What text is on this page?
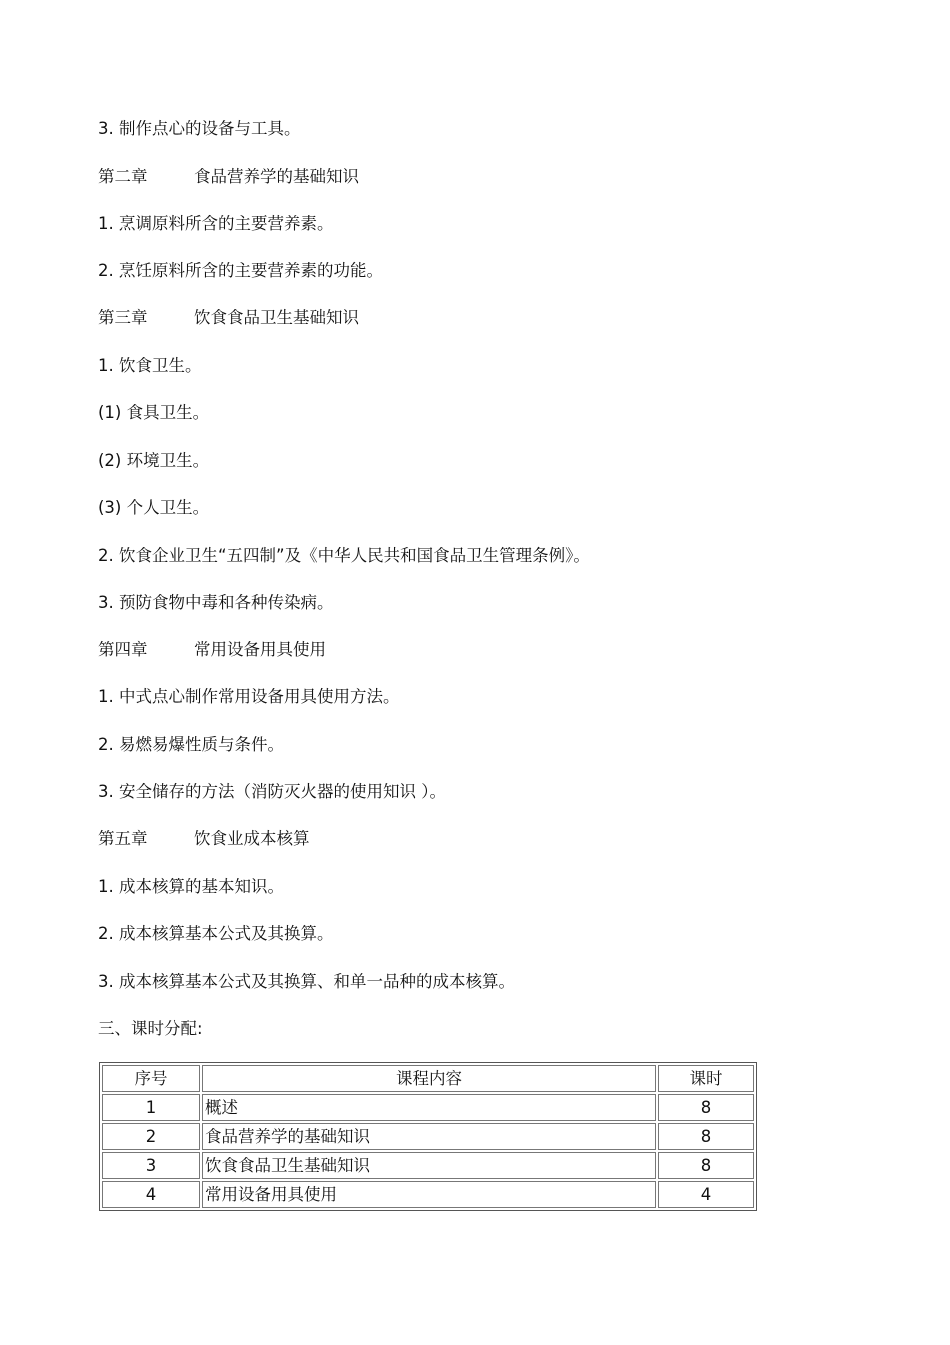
3. 制作点心的设备与工具。
第二章	食品营养学的基础知识
1. 烹调原料所含的主要营养素。
2. 烹饪原料所含的主要营养素的功能。
第三章	饮食食品卫生基础知识
1. 饮食卫生。
(1) 食具卫生。
(2) 环境卫生。
(3) 个人卫生。
2. 饮食企业卫生“五四制”及《中华人民共和国食品卫生管理条例》。
3. 预防食物中毒和各种传染病。
第四章	常用设备用具使用
1. 中式点心制作常用设备用具使用方法。
2. 易燃易爆性质与条件。
3. 安全储存的方法（消防灭火器的使用知识 ）。
第五章	饮食业成本核算
1. 成本核算的基本知识。
2. 成本核算基本公式及其换算。
3. 成本核算基本公式及其换算、和单一品种的成本核算。
三、课时分配:
序号	课程内容	课时
1	概述	8
2	食品营养学的基础知识	8
3	饮食食品卫生基础知识	8
4	常用设备用具使用	4
